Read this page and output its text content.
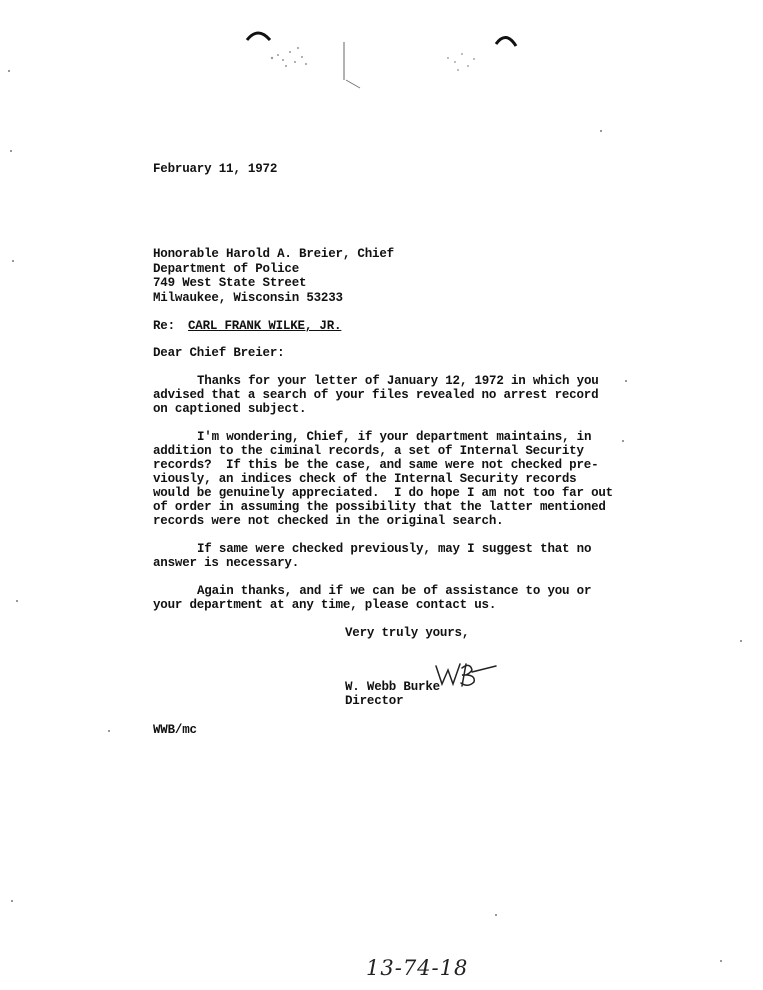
February 11, 1972
Honorable Harold A. Breier, Chief
Department of Police
749 West State Street
Milwaukee, Wisconsin 53233
Re: CARL FRANK WILKE, JR.
Dear Chief Breier:
Thanks for your letter of January 12, 1972 in which you
advised that a search of your files revealed no arrest record
on captioned subject.
I'm wondering, Chief, if your department maintains, in
addition to the ciminal records, a set of Internal Security
records?  If this be the case, and same were not checked pre-
viously, an indices check of the Internal Security records
would be genuinely appreciated.  I do hope I am not too far out
of order in assuming the possibility that the latter mentioned
records were not checked in the original search.
If same were checked previously, may I suggest that no
answer is necessary.
Again thanks, and if we can be of assistance to you or
your department at any time, please contact us.
Very truly yours,
W. Webb Burke
Director
WWB/mc
13-74-18
